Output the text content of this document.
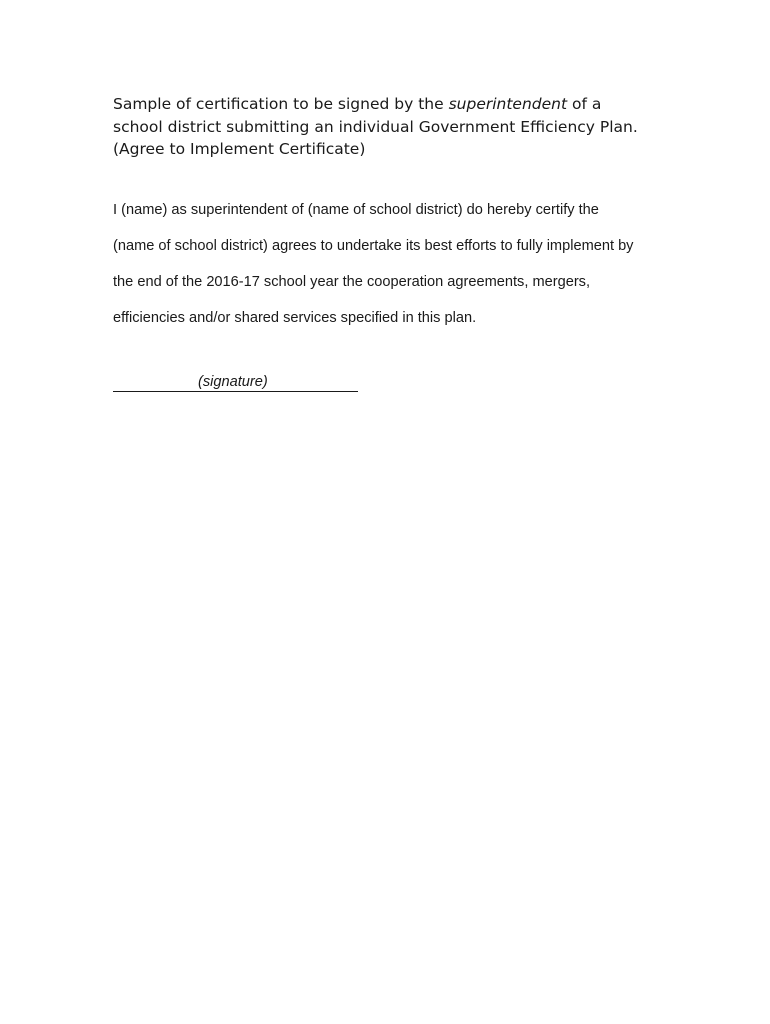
Sample of certification to be signed by the superintendent of a school district submitting an individual Government Efficiency Plan. (Agree to Implement Certificate)

I (name) as superintendent of (name of school district) do hereby certify the
(name of school district) agrees to undertake its best efforts to fully implement by
the end of the 2016-17 school year the cooperation agreements, mergers,
efficiencies and/or shared services specified in this plan.

(signature)
